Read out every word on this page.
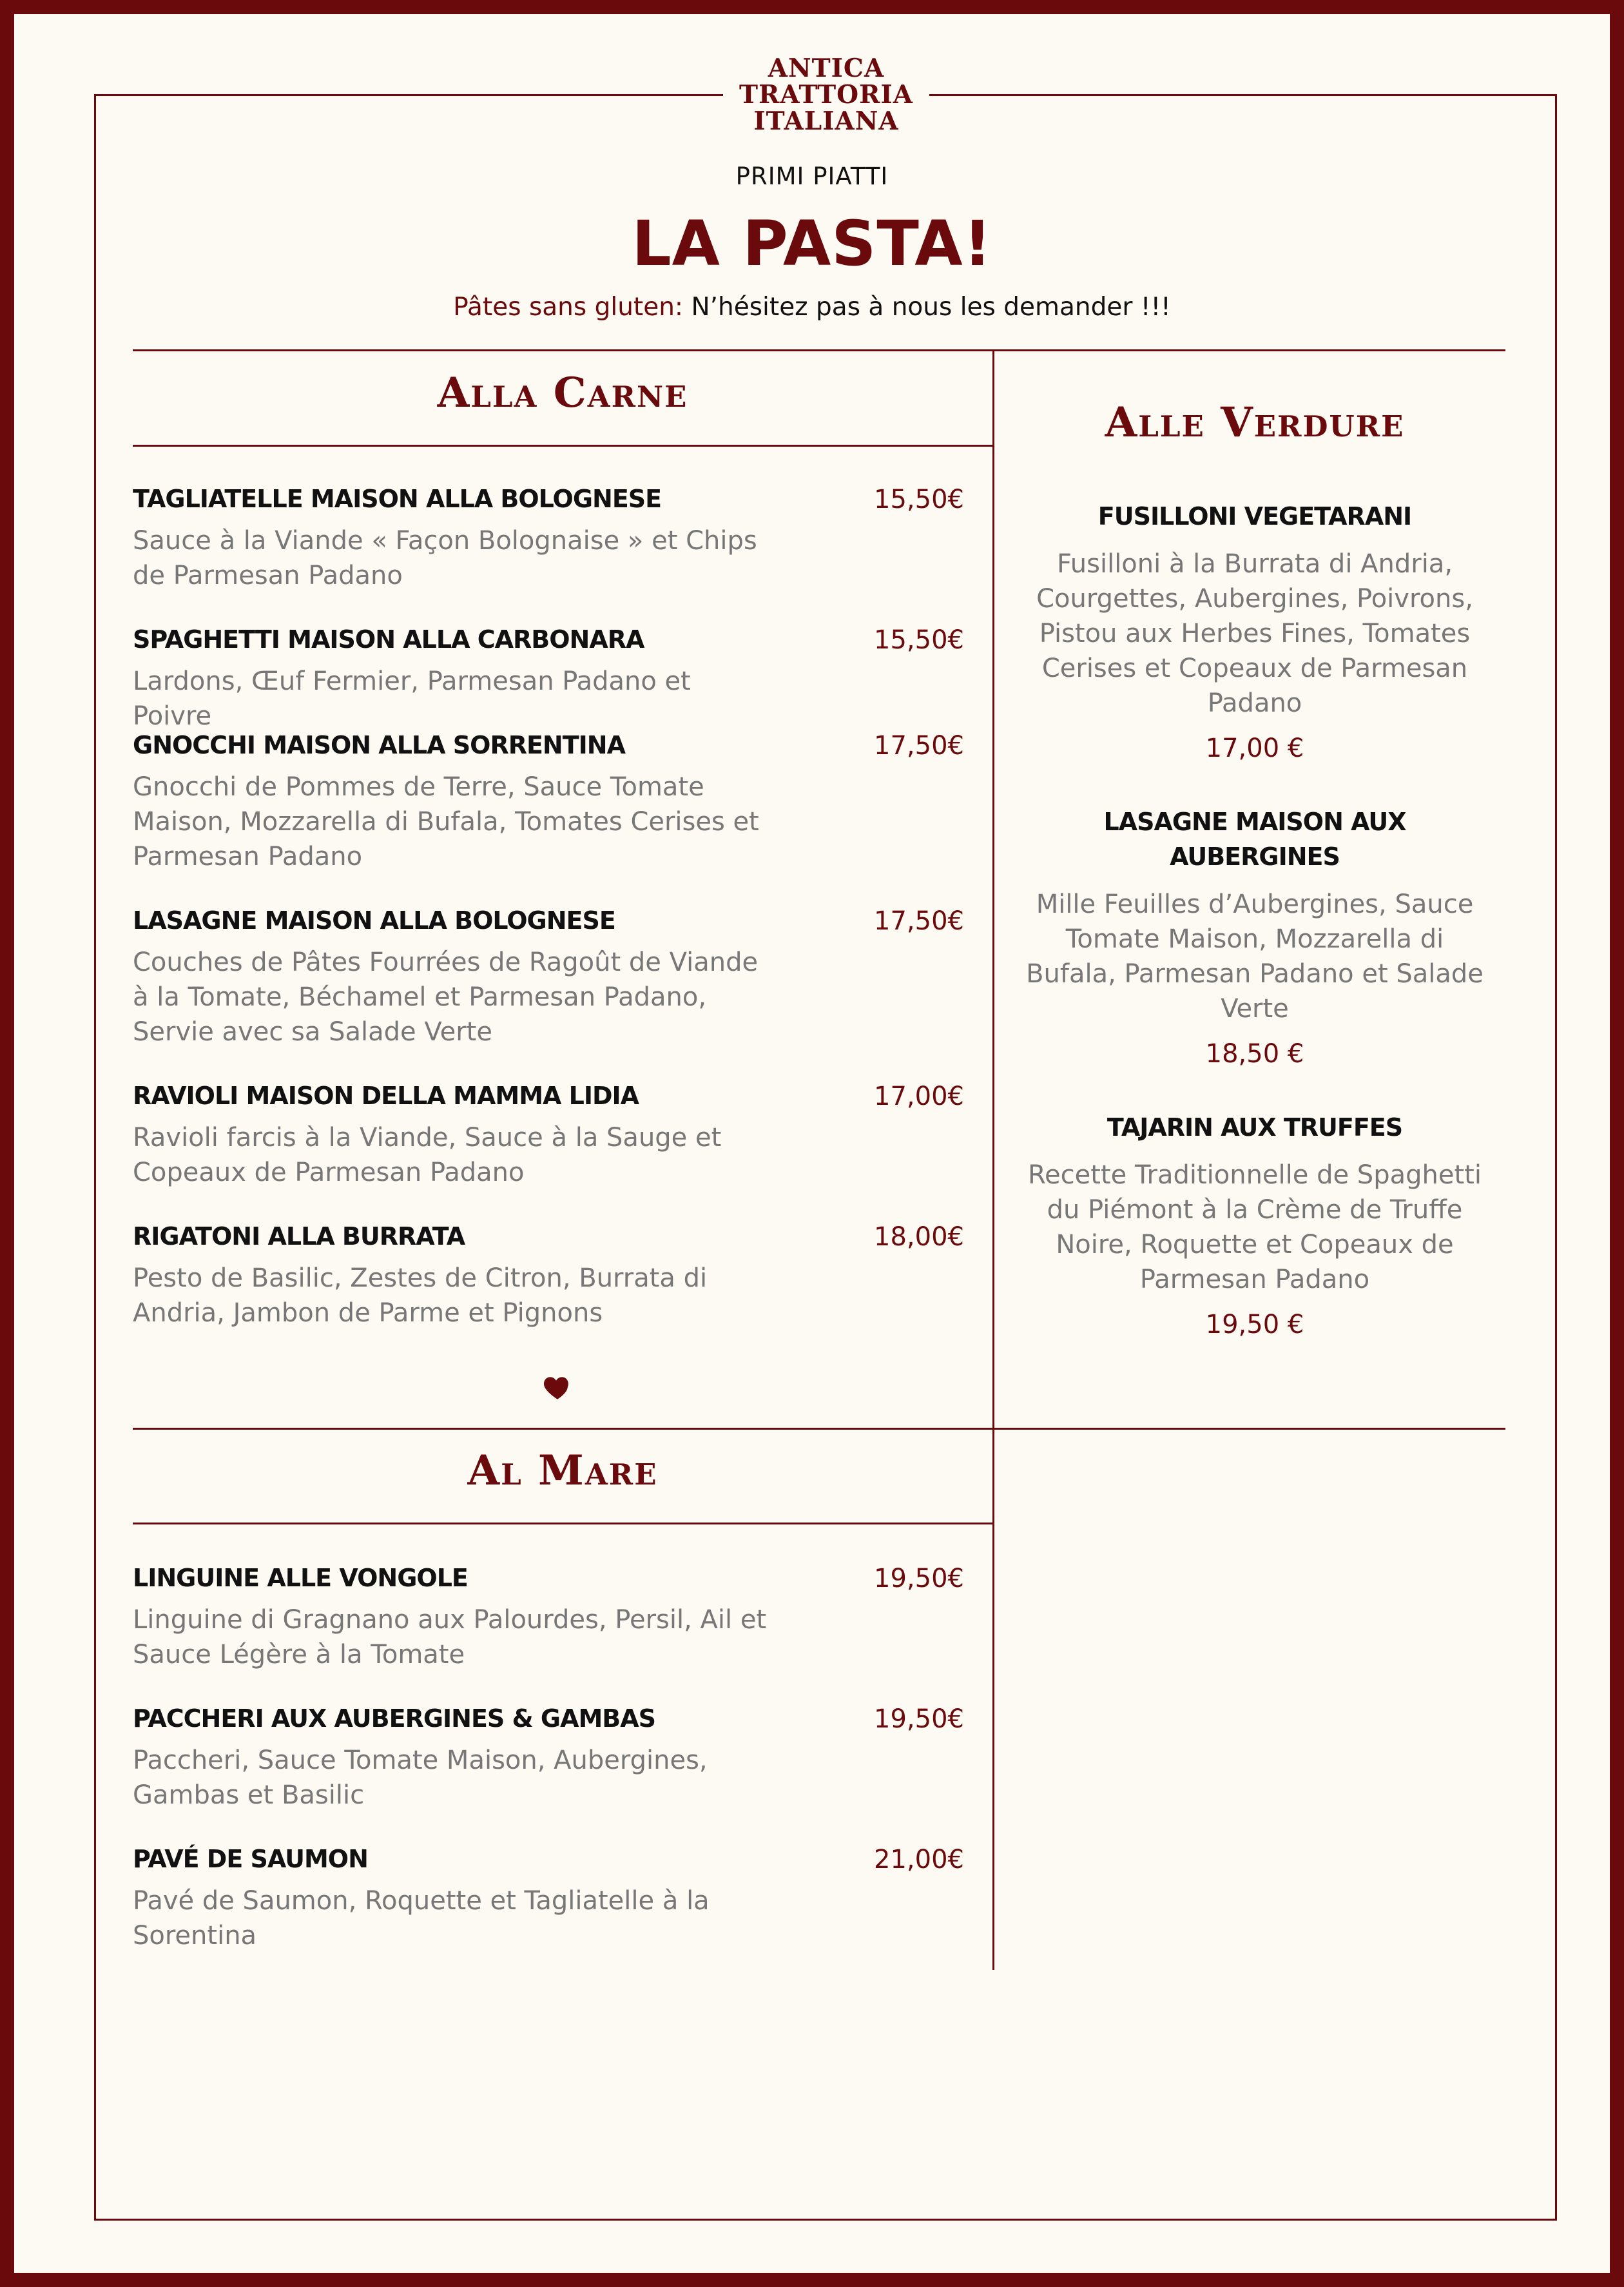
ANTICA
TRATTORIA
ITALIANA
PRIMI PIATTI
LA PASTA!
Pâtes sans gluten: N’hésitez pas à nous les demander !!!
Alla Carne
TAGLIATELLE MAISON ALLA BOLOGNESE	15,50€
Sauce à la Viande « Façon Bolognaise » et Chips de Parmesan Padano
SPAGHETTI MAISON ALLA CARBONARA	15,50€
Lardons, Œuf Fermier, Parmesan Padano et Poivre
GNOCCHI MAISON ALLA SORRENTINA	17,50€
Gnocchi de Pommes de Terre, Sauce Tomate Maison, Mozzarella di Bufala, Tomates Cerises et Parmesan Padano
LASAGNE MAISON ALLA BOLOGNESE	17,50€
Couches de Pâtes Fourrées de Ragoût de Viande à la Tomate, Béchamel et Parmesan Padano, Servie avec sa Salade Verte
RAVIOLI MAISON DELLA MAMMA LIDIA	17,00€
Ravioli farcis à la Viande, Sauce à la Sauge et Copeaux de Parmesan Padano
RIGATONI ALLA BURRATA	18,00€
Pesto de Basilic, Zestes de Citron, Burrata di Andria, Jambon de Parme et Pignons
Alle Verdure
FUSILLONI VEGETARANI
Fusilloni à la Burrata di Andria, Courgettes, Aubergines, Poivrons, Pistou aux Herbes Fines, Tomates Cerises et Copeaux de Parmesan Padano
17,00 €
LASAGNE MAISON AUX AUBERGINES
Mille Feuilles d’Aubergines, Sauce Tomate Maison, Mozzarella di Bufala, Parmesan Padano et Salade Verte
18,50 €
TAJARIN AUX TRUFFES
Recette Traditionnelle de Spaghetti du Piémont à la Crème de Truffe Noire, Roquette et Copeaux de Parmesan Padano
19,50 €
Al Mare
LINGUINE ALLE VONGOLE	19,50€
Linguine di Gragnano aux Palourdes, Persil, Ail et Sauce Légère à la Tomate
PACCHERI AUX AUBERGINES & GAMBAS	19,50€
Paccheri, Sauce Tomate Maison, Aubergines, Gambas et Basilic
PAVÉ DE SAUMON	21,00€
Pavé de Saumon, Roquette et Tagliatelle à la Sorentina
